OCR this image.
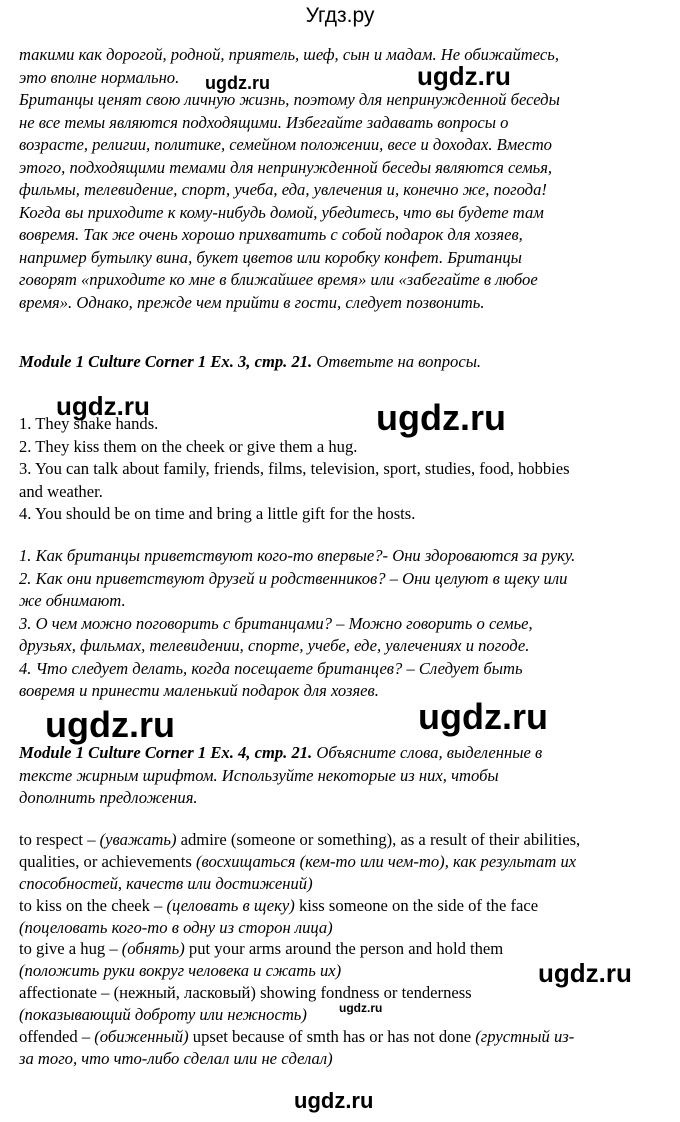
Угдз.ру
такими как дорогой, родной, приятель, шеф, сын и мадам. Не обижайтесь,
это вполне нормально.
Британцы ценят свою личную жизнь, поэтому для непринужденной беседы
не все темы являются подходящими. Избегайте задавать вопросы о
возрасте, религии, политике, семейном положении, весе и доходах. Вместо
этого, подходящими темами для непринужденной беседы являются семья,
фильмы, телевидение, спорт, учеба, еда, увлечения и, конечно же, погода!
Когда вы приходите к кому-нибудь домой, убедитесь, что вы будете там
вовремя. Так же очень хорошо прихватить с собой подарок для хозяев,
например бутылку вина, букет цветов или коробку конфет. Британцы
говорят «приходите ко мне в ближайшее время» или «забегайте в любое
время». Однако, прежде чем прийти в гости, следует позвонить.
Module 1 Culture Corner 1 Ex. 3, стр. 21. Ответьте на вопросы.
1. They shake hands.
2. They kiss them on the cheek or give them a hug.
3. You can talk about family, friends, films, television, sport, studies, food, hobbies
and weather.
4. You should be on time and bring a little gift for the hosts.
1. Как британцы приветствуют кого-то впервые?- Они здороваются за руку.
2. Как они приветствуют друзей и родственников? – Они целуют в щеку или
же обнимают.
3. О чем можно поговорить с британцами? – Можно говорить о семье,
друзьях, фильмах, телевидении, спорте, учебе, еде, увлечениях и погоде.
4. Что следует делать, когда посещаете британцев? – Следует быть
вовремя и принести маленький подарок для хозяев.
Module 1 Culture Corner 1 Ex. 4, стр. 21. Объясните слова, выделенные в
тексте жирным шрифтом. Используйте некоторые из них, чтобы
дополнить предложения.
to respect – (уважать) admire (someone or something), as a result of their abilities,
qualities, or achievements (восхищаться (кем-то или чем-то), как результат их
способностей, качеств или достижений)
to kiss on the cheek – (целовать в щеку) kiss someone on the side of the face
(поцеловать кого-то в одну из сторон лица)
to give a hug – (обнять) put your arms around the person and hold them
(положить руки вокруг человека и сжать их)
affectionate – (нежный, ласковый) showing fondness or tenderness
(показывающий доброту или нежность)
offended – (обиженный) upset because of smth has or has not done (грустный из-
за того, что что-либо сделал или не сделал)
ugdz.ru	ugdz.ru
ugdz.ru	ugdz.ru
ugdz.ru	ugdz.ru
ugdz.ru
ugdz.ru
ugdz.ru
